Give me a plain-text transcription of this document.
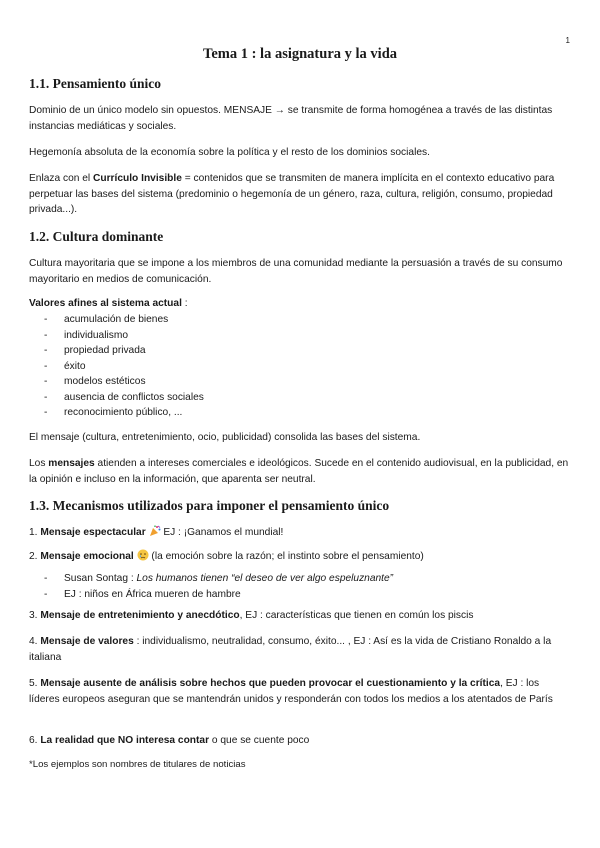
1
Tema 1 : la asignatura y la vida
1.1. Pensamiento único

Dominio de un único modelo sin opuestos. MENSAJE → se transmite de forma homogénea a través de las distintas instancias mediáticas y sociales.

Hegemonía absoluta de la economía sobre la política y el resto de los dominios sociales.

Enlaza con el Currículo Invisible = contenidos que se transmiten de manera implícita en el contexto educativo para perpetuar las bases del sistema (predominio o hegemonía de un género, raza, cultura, religión, consumo, propiedad privada...).

1.2. Cultura dominante

Cultura mayoritaria que se impone a los miembros de una comunidad mediante la persuasión a través de su consumo mayoritario en medios de comunicación.

Valores afines al sistema actual :

- acumulación de bienes
- individualismo
- propiedad privada
- éxito
- modelos estéticos
- ausencia de conflictos sociales
- reconocimiento público, ...

El mensaje (cultura, entretenimiento, ocio, publicidad) consolida las bases del sistema.

Los mensajes atienden a intereses comerciales e ideológicos. Sucede en el contenido audiovisual, en la publicidad, en la opinión e incluso en la información, que aparenta ser neutral.

1.3. Mecanismos utilizados para imponer el pensamiento único

1. Mensaje espectacular  EJ : ¡Ganamos el mundial!

2. Mensaje emocional  (la emoción sobre la razón; el instinto sobre el pensamiento)

- Susan Sontag : Los humanos tienen “el deseo de ver algo espeluznante”
- EJ : niños en África mueren de hambre

3. Mensaje de entretenimiento y anecdótico, EJ : características que tienen en común los piscis

4. Mensaje de valores : individualismo, neutralidad, consumo, éxito... , EJ : Así es la vida de Cristiano Ronaldo a la italiana

5. Mensaje ausente de análisis sobre hechos que pueden provocar el cuestionamiento y la crítica, EJ : los líderes europeos aseguran que se mantendrán unidos y responderán con todos los medios a los atentados de París

6. La realidad que NO interesa contar o que se cuente poco

*Los ejemplos son nombres de titulares de noticias
